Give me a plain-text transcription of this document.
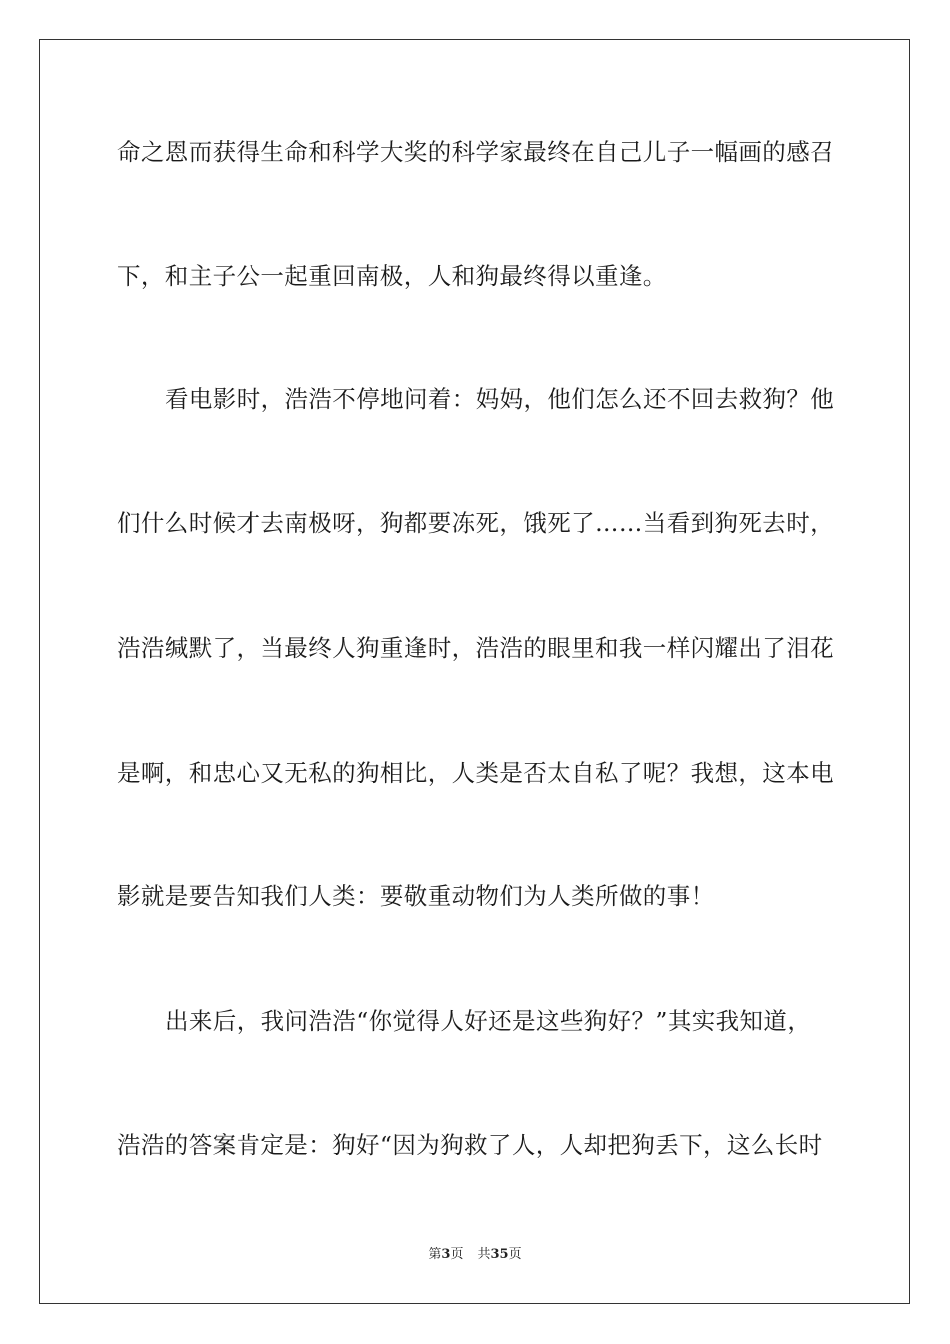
命之恩而获得生命和科学大奖的科学家最终在自己儿子一幅画的感召
下，和主子公一起重回南极，人和狗最终得以重逢。
看电影时，浩浩不停地问着：妈妈，他们怎么还不回去救狗？他
们什么时候才去南极呀，狗都要冻死，饿死了……当看到狗死去时，
浩浩缄默了，当最终人狗重逢时，浩浩的眼里和我一样闪耀出了泪花
是啊，和忠心又无私的狗相比，人类是否太自私了呢？我想，这本电
影就是要告知我们人类：要敬重动物们为人类所做的事！
出来后，我问浩浩“你觉得人好还是这些狗好？”其实我知道，
浩浩的答案肯定是：狗好“因为狗救了人，人却把狗丢下，这么长时
第3页 共35页
